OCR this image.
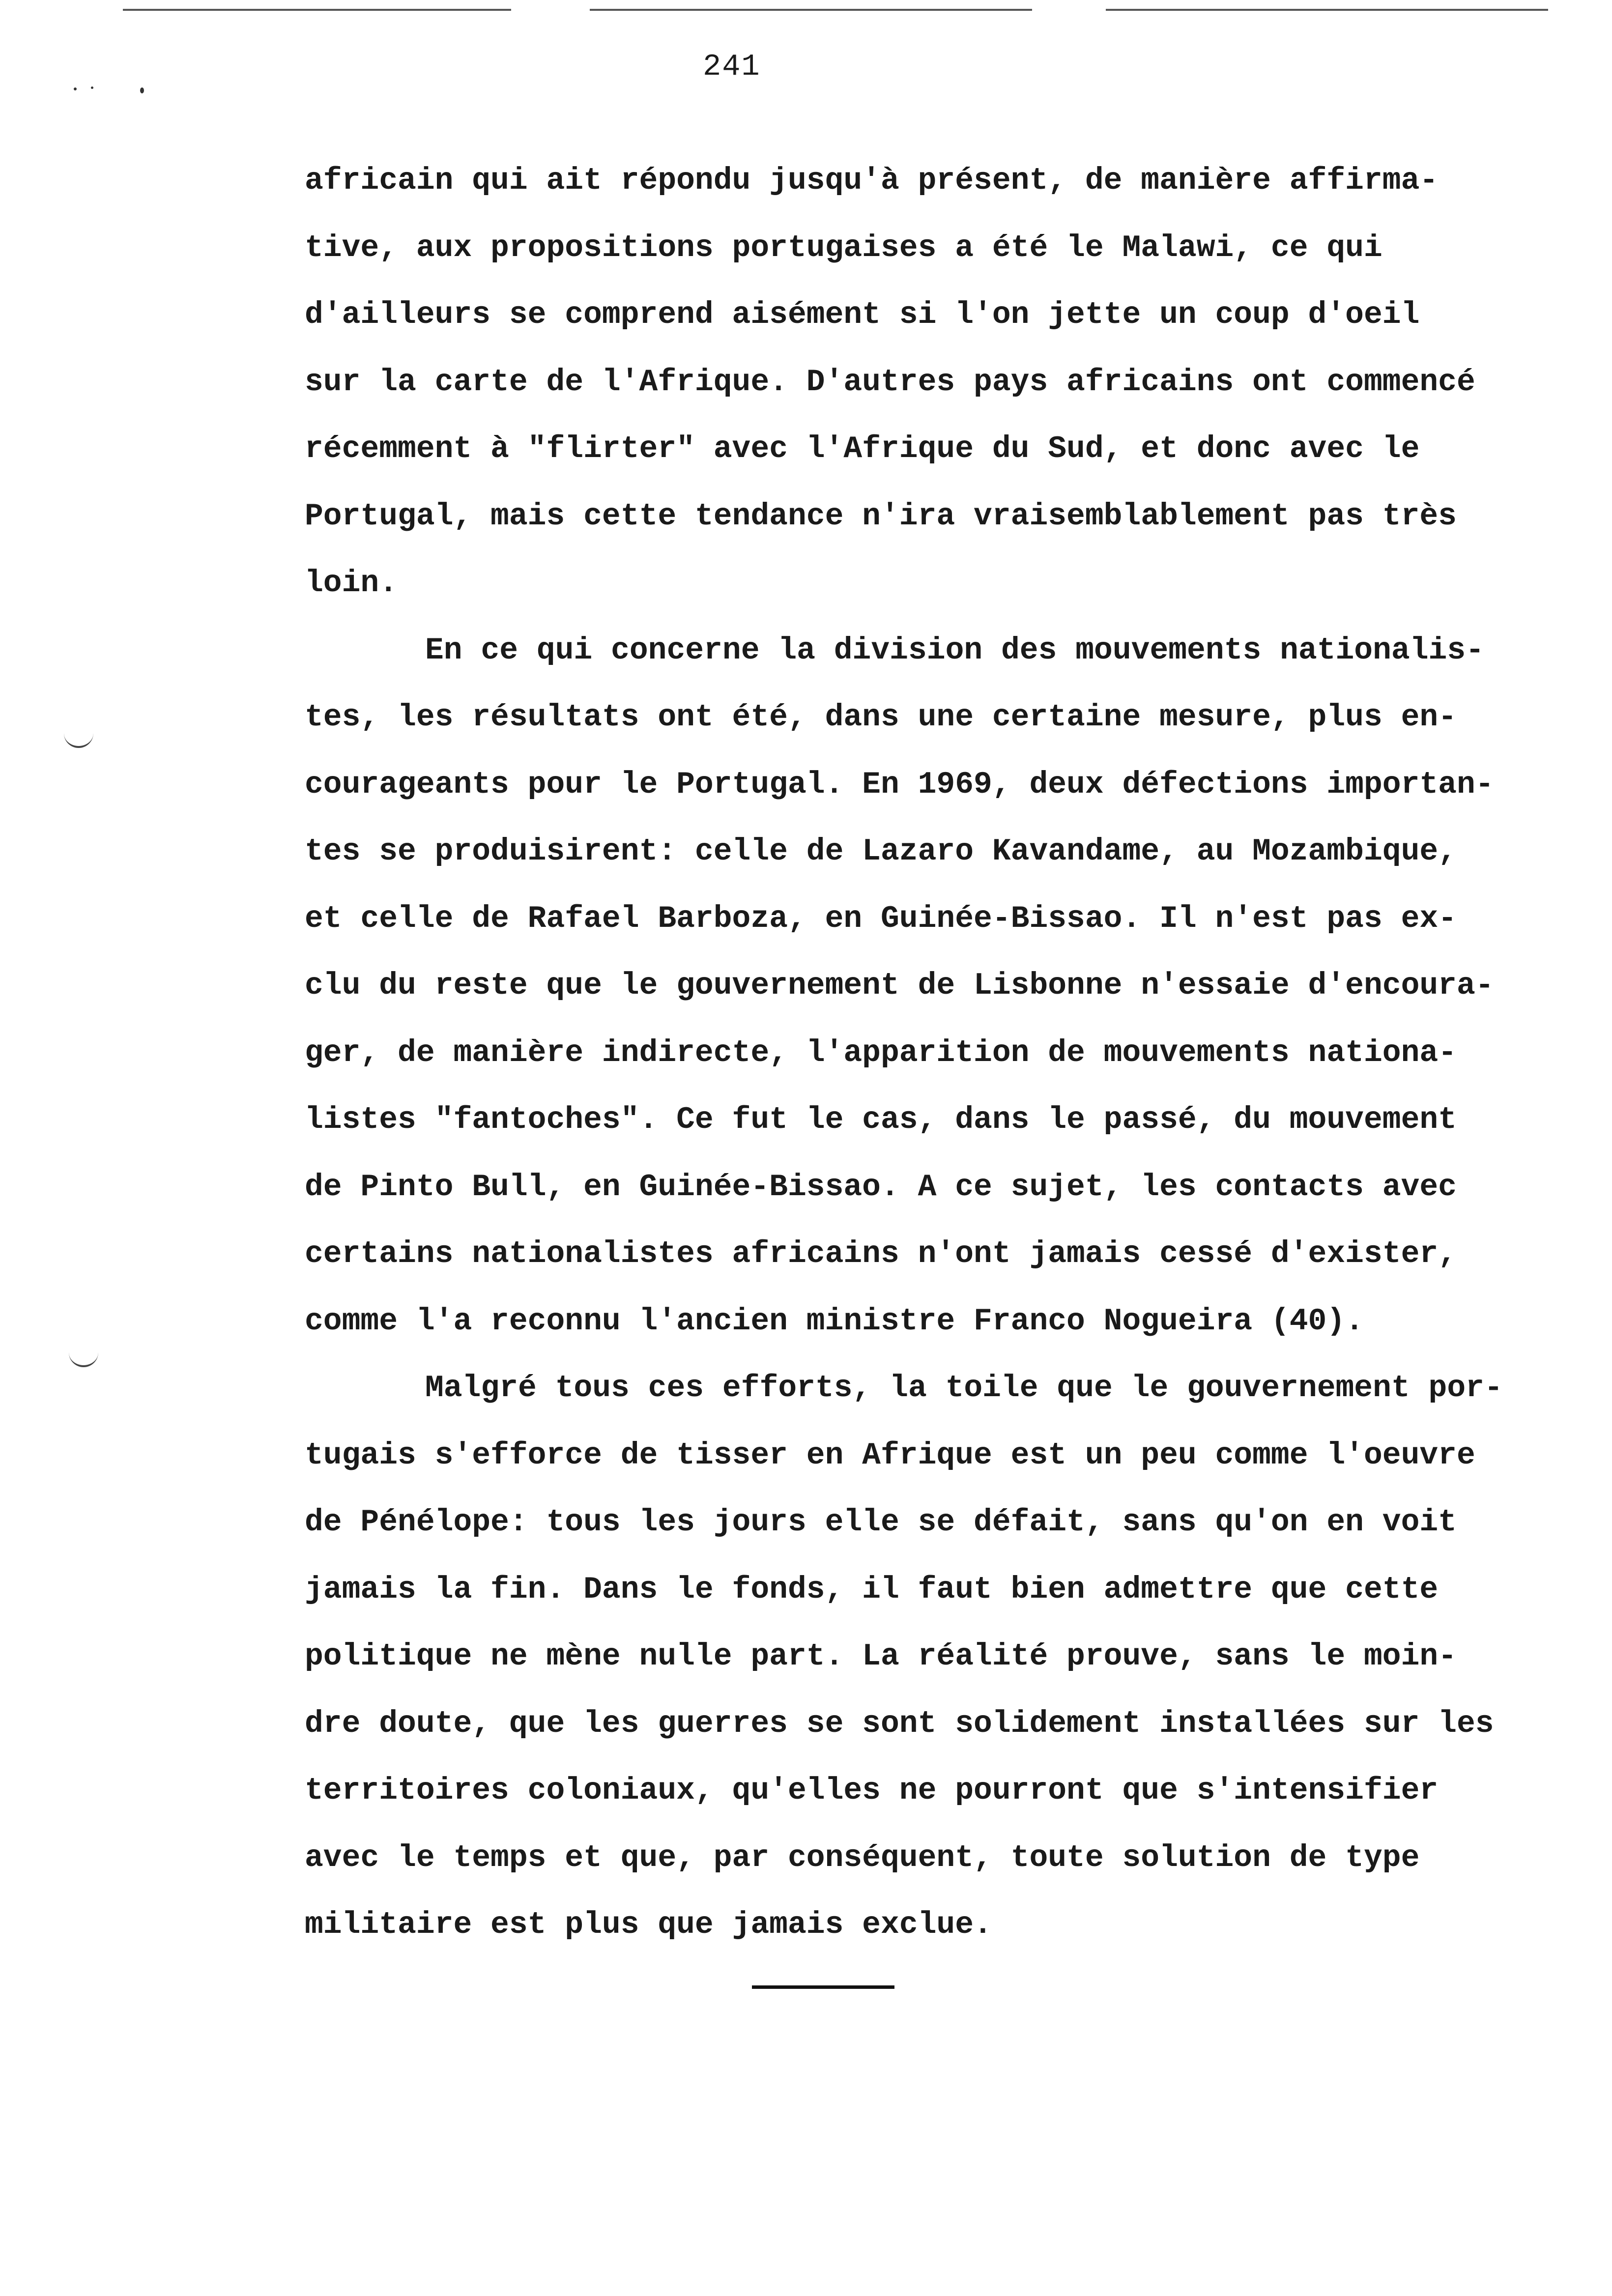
241
africain qui ait répondu jusqu'à présent, de manière affirma-
tive, aux propositions portugaises a été le Malawi, ce qui
d'ailleurs se comprend aisément si l'on jette un coup d'oeil
sur la carte de l'Afrique. D'autres pays africains ont commencé
récemment à "flirter" avec l'Afrique du Sud, et donc avec le
Portugal, mais cette tendance n'ira vraisemblablement pas très
loin.
En ce qui concerne la division des mouvements nationalis-
tes, les résultats ont été, dans une certaine mesure, plus en-
courageants pour le Portugal. En 1969, deux défections importan-
tes se produisirent: celle de Lazaro Kavandame, au Mozambique,
et celle de Rafael Barboza, en Guinée-Bissao. Il n'est pas ex-
clu du reste que le gouvernement de Lisbonne n'essaie d'encoura-
ger, de manière indirecte, l'apparition de mouvements nationa-
listes "fantoches". Ce fut le cas, dans le passé, du mouvement
de Pinto Bull, en Guinée-Bissao. A ce sujet, les contacts avec
certains nationalistes africains n'ont jamais cessé d'exister,
comme l'a reconnu l'ancien ministre Franco Nogueira (40).
Malgré tous ces efforts, la toile que le gouvernement por-
tugais s'efforce de tisser en Afrique est un peu comme l'oeuvre
de Pénélope: tous les jours elle se défait, sans qu'on en voit
jamais la fin. Dans le fonds, il faut bien admettre que cette
politique ne mène nulle part. La réalité prouve, sans le moin-
dre doute, que les guerres se sont solidement installées sur les
territoires coloniaux, qu'elles ne pourront que s'intensifier
avec le temps et que, par conséquent, toute solution de type
militaire est plus que jamais exclue.
